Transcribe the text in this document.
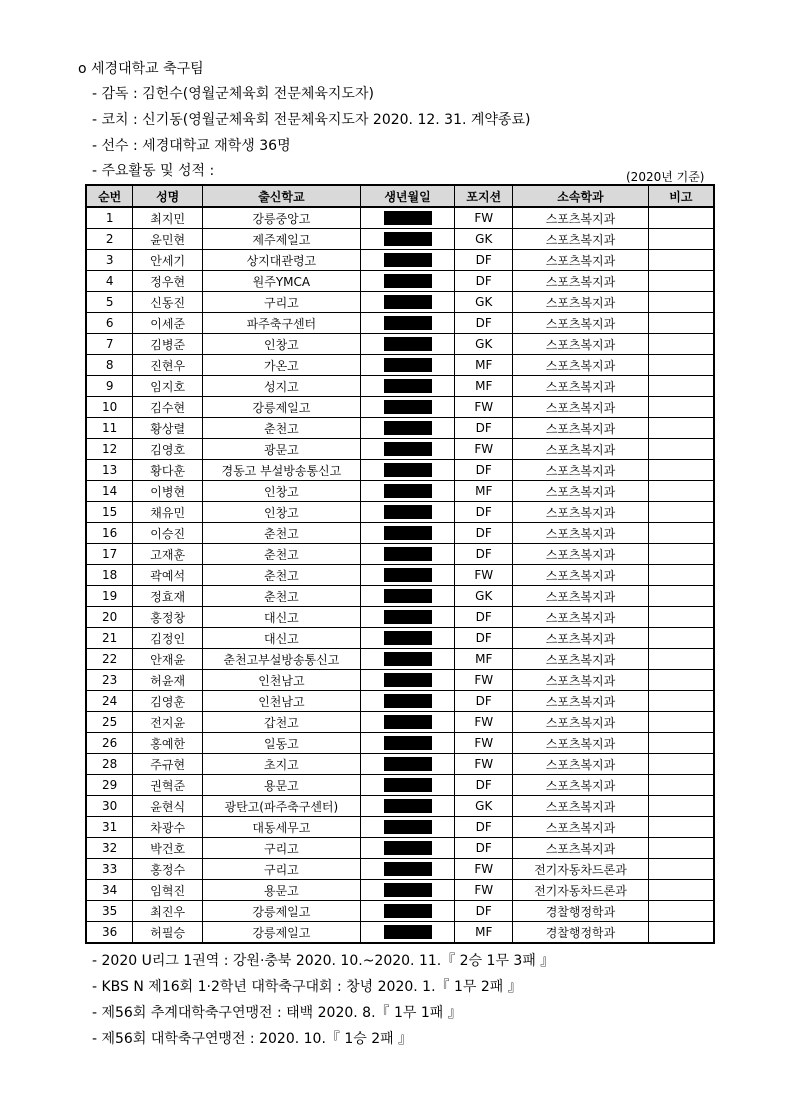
o 세경대학교 축구팀
- 감독 : 김헌수(영월군체육회 전문체육지도자)
- 코치 : 신기동(영월군체육회 전문체육지도자 2020. 12. 31. 계약종료)
- 선수 : 세경대학교 재학생 36명
- 주요활동 및 성적 :	(2020년 기준)
순번	성명	출신학교	생년월일	포지션	소속학과	비고
1	최지민	강릉중앙고		FW	스포츠복지과	
2	윤민현	제주제일고		GK	스포츠복지과	
3	안세기	상지대관령고		DF	스포츠복지과	
4	정우현	원주YMCA		DF	스포츠복지과	
5	신동진	구리고		GK	스포츠복지과	
6	이세준	파주축구센터		DF	스포츠복지과	
7	김병준	인창고		GK	스포츠복지과	
8	진현우	가온고		MF	스포츠복지과	
9	임지호	성지고		MF	스포츠복지과	
10	김수현	강릉제일고		FW	스포츠복지과	
11	황상렬	춘천고		DF	스포츠복지과	
12	김영호	광문고		FW	스포츠복지과	
13	황다훈	경동고 부설방송통신고		DF	스포츠복지과	
14	이병현	인창고		MF	스포츠복지과	
15	채유민	인창고		DF	스포츠복지과	
16	이승진	춘천고		DF	스포츠복지과	
17	고재훈	춘천고		DF	스포츠복지과	
18	곽예석	춘천고		FW	스포츠복지과	
19	정효재	춘천고		GK	스포츠복지과	
20	홍정창	대신고		DF	스포츠복지과	
21	김정인	대신고		DF	스포츠복지과	
22	안재윤	춘천고부설방송통신고		MF	스포츠복지과	
23	허윤재	인천남고		FW	스포츠복지과	
24	김영훈	인천남고		DF	스포츠복지과	
25	전지윤	갑천고		FW	스포츠복지과	
26	홍예한	일동고		FW	스포츠복지과	
28	주규현	초지고		FW	스포츠복지과	
29	권혁준	용문고		DF	스포츠복지과	
30	윤현식	광탄고(파주축구센터)		GK	스포츠복지과	
31	차광수	대동세무고		DF	스포츠복지과	
32	박건호	구리고		DF	스포츠복지과	
33	홍정수	구리고		FW	전기자동차드론과	
34	임혁진	용문고		FW	전기자동차드론과	
35	최진우	강릉제일고		DF	경찰행정학과	
36	허필승	강릉제일고		MF	경찰행정학과	
- 2020 U리그 1권역 : 강원·충북 2020. 10.~2020. 11.『 2승 1무 3패 』
- KBS N 제16회 1·2학년 대학축구대회 : 창녕 2020. 1.『 1무 2패 』
- 제56회 추계대학축구연맹전 : 태백 2020. 8.『 1무 1패 』
- 제56회 대학축구연맹전 : 2020. 10.『 1승 2패 』
